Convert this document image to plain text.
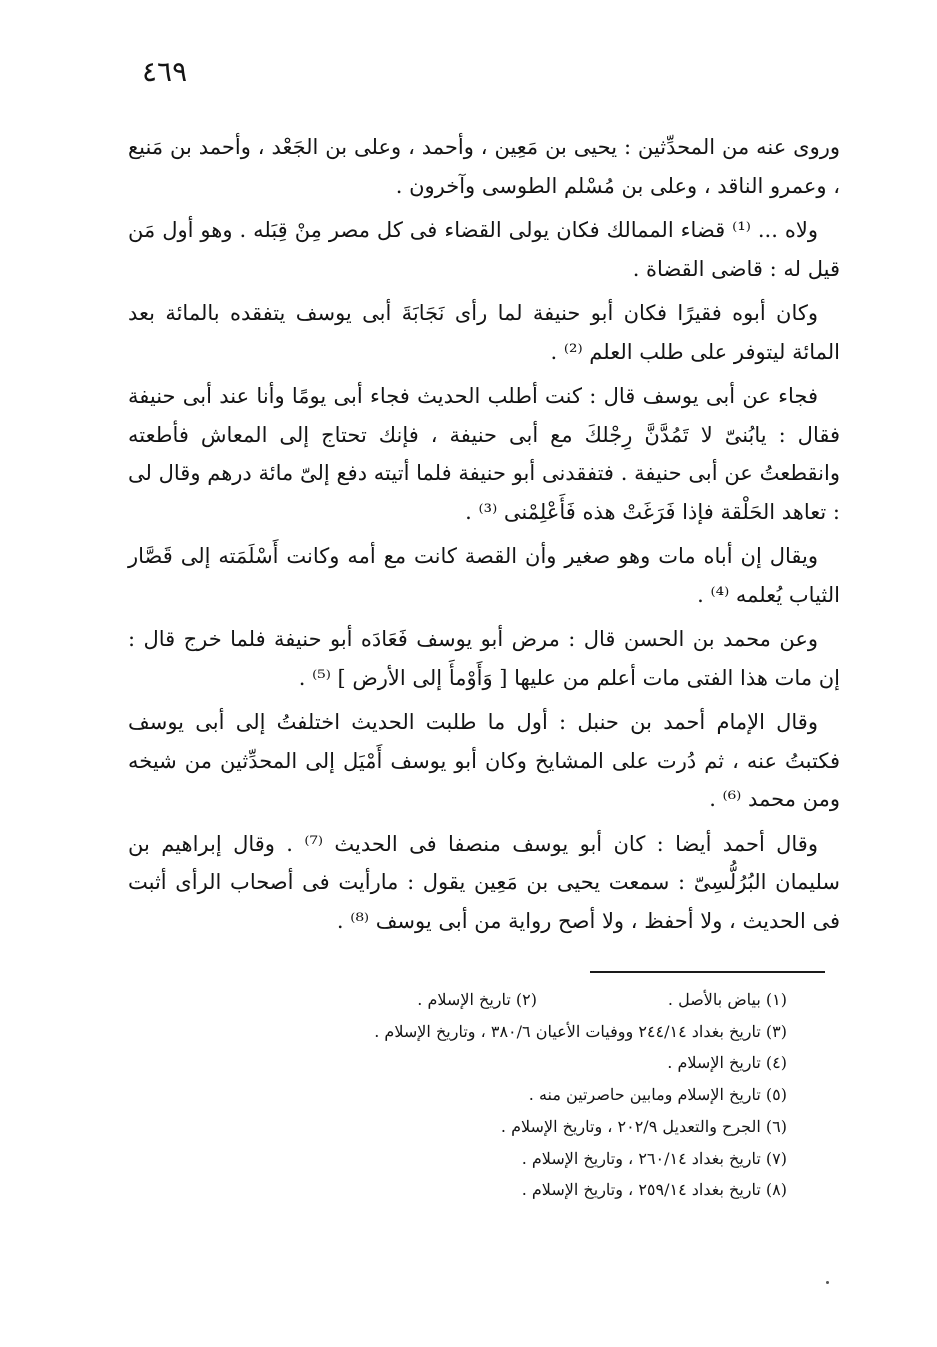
٤٦٩

وروى عنه من المحدِّثين : يحيى بن مَعِين ، وأحمد ، وعلى بن الجَعْد ، وأحمد بن مَنيع ، وعمرو الناقد ، وعلى بن مُسْلم الطوسى وآخرون .

ولاه ... ⁽¹⁾ قضاء الممالك فكان يولى القضاء فى كل مصر مِنْ قِبَله . وهو أول مَن قيل له : قاضى القضاة .

وكان أبوه فقيرًا فكان أبو حنيفة لما رأى نَجَابَةَ أبى يوسف يتفقده بالمائة بعد المائة ليتوفر على طلب العلم ⁽²⁾ .

فجاء عن أبى يوسف قال : كنت أطلب الحديث فجاء أبى يومًا وأنا عند أبى حنيفة فقال : يابُنىّ لا تَمُدَّنَّ رِجْلكَ مع أبى حنيفة ، فإنك تحتاج إلى المعاش فأطعته وانقطعتُ عن أبى حنيفة . فتفقدنى أبو حنيفة فلما أتيته دفع إلىّ مائة درهم وقال لى : تعاهد الحَلْقة فإذا فَرَغَتْ هذه فَأَعْلِمْنى ⁽³⁾ .

ويقال إن أباه مات وهو صغير وأن القصة كانت مع أمه وكانت أَسْلَمَته إلى قَصَّار الثياب يُعلمه ⁽⁴⁾ .

وعن محمد بن الحسن قال : مرض أبو يوسف فَعَادَه أبو حنيفة فلما خرج قال : إن مات هذا الفتى مات أعلم من عليها [ وَأَوْمأَ إلى الأرض ] ⁽⁵⁾ .

وقال الإمام أحمد بن حنبل : أول ما طلبت الحديث اختلفتُ إلى أبى يوسف فكتبتُ عنه ، ثم دُرت على المشايخ وكان أبو يوسف أَمْيَل إلى المحدِّثين من شيخه ومن محمد ⁽⁶⁾ .

وقال أحمد أيضا : كان أبو يوسف منصفا فى الحديث ⁽⁷⁾ . وقال إبراهيم بن سليمان البُرُلُّسِىّ : سمعت يحيى بن مَعِين يقول : مارأيت فى أصحاب الرأى أثبت فى الحديث ، ولا أحفظ ، ولا أصح رواية من أبى يوسف ⁽⁸⁾ .

(١) بياض بالأصل .
(٢) تاريخ الإسلام .
(٣) تاريخ بغداد ٢٤٤/١٤ ووفيات الأعيان ٣٨٠/٦ ، وتاريخ الإسلام .
(٤) تاريخ الإسلام .
(٥) تاريخ الإسلام ومابين حاصرتين منه .
(٦) الجرح والتعديل ٢٠٢/٩ ، وتاريخ الإسلام .
(٧) تاريخ بغداد ٢٦٠/١٤ ، وتاريخ الإسلام .
(٨) تاريخ بغداد ٢٥٩/١٤ ، وتاريخ الإسلام .
